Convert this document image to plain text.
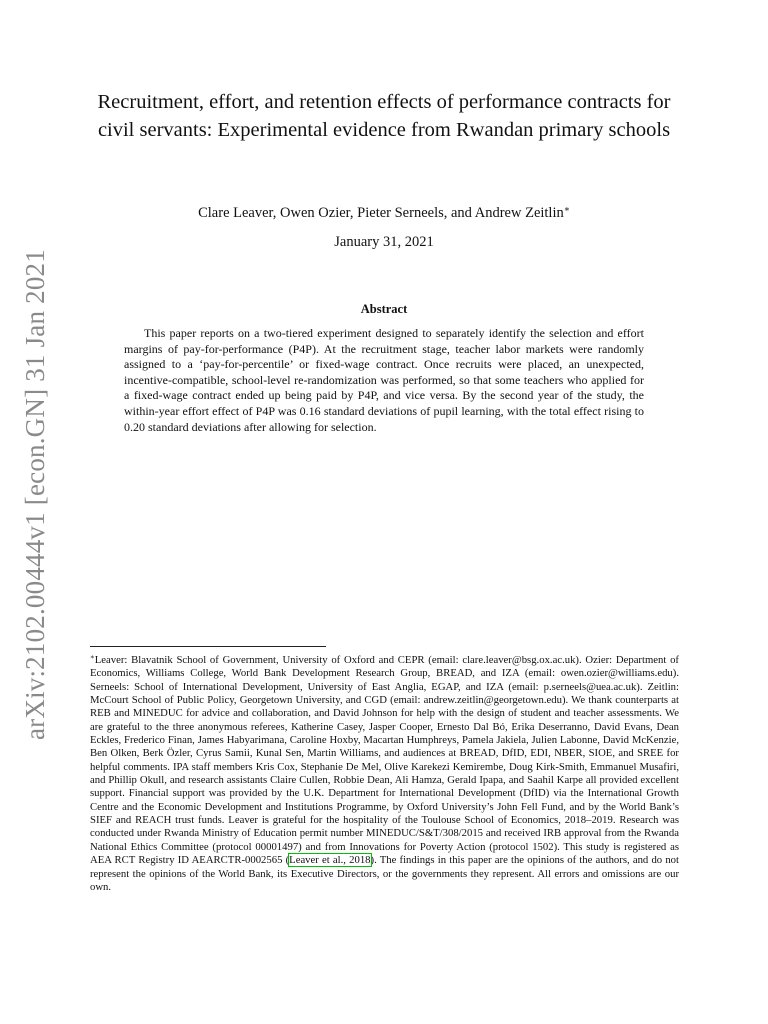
arXiv:2102.00444v1 [econ.GN] 31 Jan 2021
Recruitment, effort, and retention effects of performance contracts for civil servants: Experimental evidence from Rwandan primary schools
Clare Leaver, Owen Ozier, Pieter Serneels, and Andrew Zeitlin∗
January 31, 2021
Abstract

This paper reports on a two-tiered experiment designed to separately identify the selection and effort margins of pay-for-performance (P4P). At the recruitment stage, teacher labor markets were randomly assigned to a ‘pay-for-percentile’ or fixed-wage contract. Once recruits were placed, an unexpected, incentive-compatible, school-level re-randomization was performed, so that some teachers who applied for a fixed-wage contract ended up being paid by P4P, and vice versa. By the second year of the study, the within-year effort effect of P4P was 0.16 standard deviations of pupil learning, with the total effect rising to 0.20 standard deviations after allowing for selection.

∗Leaver: Blavatnik School of Government, University of Oxford and CEPR (email: clare.leaver@bsg.ox.ac.uk). Ozier: Department of Economics, Williams College, World Bank Development Research Group, BREAD, and IZA (email: owen.ozier@williams.edu). Serneels: School of International Development, University of East Anglia, EGAP, and IZA (email: p.serneels@uea.ac.uk). Zeitlin: McCourt School of Public Policy, Georgetown University, and CGD (email: andrew.zeitlin@georgetown.edu). We thank counterparts at REB and MINEDUC for advice and collaboration, and David Johnson for help with the design of student and teacher assessments. We are grateful to the three anonymous referees, Katherine Casey, Jasper Cooper, Ernesto Dal Bó, Erika Deserranno, David Evans, Dean Eckles, Frederico Finan, James Habyarimana, Caroline Hoxby, Macartan Humphreys, Pamela Jakiela, Julien Labonne, David McKenzie, Ben Olken, Berk Özler, Cyrus Samii, Kunal Sen, Martin Williams, and audiences at BREAD, DfID, EDI, NBER, SIOE, and SREE for helpful comments. IPA staff members Kris Cox, Stephanie De Mel, Olive Karekezi Kemirembe, Doug Kirk-Smith, Emmanuel Musafiri, and Phillip Okull, and research assistants Claire Cullen, Robbie Dean, Ali Hamza, Gerald Ipapa, and Saahil Karpe all provided excellent support. Financial support was provided by the U.K. Department for International Development (DfID) via the International Growth Centre and the Economic Development and Institutions Programme, by Oxford University’s John Fell Fund, and by the World Bank’s SIEF and REACH trust funds. Leaver is grateful for the hospitality of the Toulouse School of Economics, 2018–2019. Research was conducted under Rwanda Ministry of Education permit number MINEDUC/S&T/308/2015 and received IRB approval from the Rwanda National Ethics Committee (protocol 00001497) and from Innovations for Poverty Action (protocol 1502). This study is registered as AEA RCT Registry ID AEARCTR-0002565 (Leaver et al., 2018). The findings in this paper are the opinions of the authors, and do not represent the opinions of the World Bank, its Executive Directors, or the governments they represent. All errors and omissions are our own.
